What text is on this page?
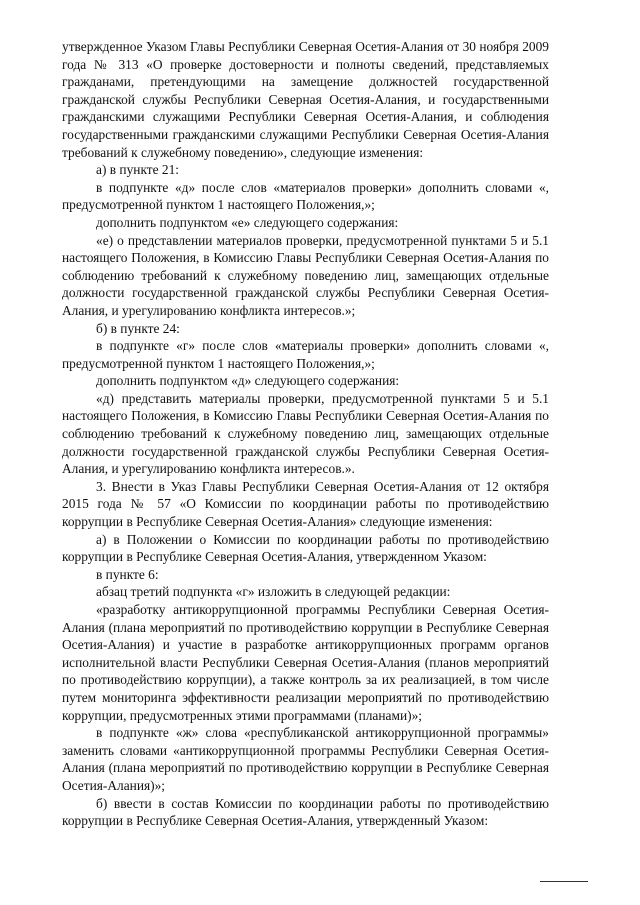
утвержденное Указом Главы Республики Северная Осетия-Алания от 30 ноября 2009 года № 313 «О проверке достоверности и полноты сведений, представляемых гражданами, претендующими на замещение должностей государственной гражданской службы Республики Северная Осетия-Алания, и государственными гражданскими служащими Республики Северная Осетия-Алания, и соблюдения государственными гражданскими служащими Республики Северная Осетия-Алания требований к служебному поведению», следующие изменения:

а) в пункте 21:

в подпункте «д» после слов «материалов проверки» дополнить словами «, предусмотренной пунктом 1 настоящего Положения,»;

дополнить подпунктом «е» следующего содержания:

«е) о представлении материалов проверки, предусмотренной пунктами 5 и 5.1 настоящего Положения, в Комиссию Главы Республики Северная Осетия-Алания по соблюдению требований к служебному поведению лиц, замещающих отдельные должности государственной гражданской службы Республики Северная Осетия-Алания, и урегулированию конфликта интересов.»;

б) в пункте 24:

в подпункте «г» после слов «материалы проверки» дополнить словами «, предусмотренной пунктом 1 настоящего Положения,»;

дополнить подпунктом «д» следующего содержания:

«д) представить материалы проверки, предусмотренной пунктами 5 и 5.1 настоящего Положения, в Комиссию Главы Республики Северная Осетия-Алания по соблюдению требований к служебному поведению лиц, замещающих отдельные должности государственной гражданской службы Республики Северная Осетия-Алания, и урегулированию конфликта интересов.».

3. Внести в Указ Главы Республики Северная Осетия-Алания от 12 октября 2015 года № 57 «О Комиссии по координации работы по противодействию коррупции в Республике Северная Осетия-Алания» следующие изменения:

а) в Положении о Комиссии по координации работы по противодействию коррупции в Республике Северная Осетия-Алания, утвержденном Указом:

в пункте 6:

абзац третий подпункта «г» изложить в следующей редакции:

«разработку антикоррупционной программы Республики Северная Осетия-Алания (плана мероприятий по противодействию коррупции в Республике Северная Осетия-Алания) и участие в разработке антикоррупционных программ органов исполнительной власти Республики Северная Осетия-Алания (планов мероприятий по противодействию коррупции), а также контроль за их реализацией, в том числе путем мониторинга эффективности реализации мероприятий по противодействию коррупции, предусмотренных этими программами (планами)»;

в подпункте «ж» слова «республиканской антикоррупционной программы» заменить словами «антикоррупционной программы Республики Северная Осетия-Алания (плана мероприятий по противодействию коррупции в Республике Северная Осетия-Алания)»;

б) ввести в состав Комиссии по координации работы по противодействию коррупции в Республике Северная Осетия-Алания, утвержденный Указом:
